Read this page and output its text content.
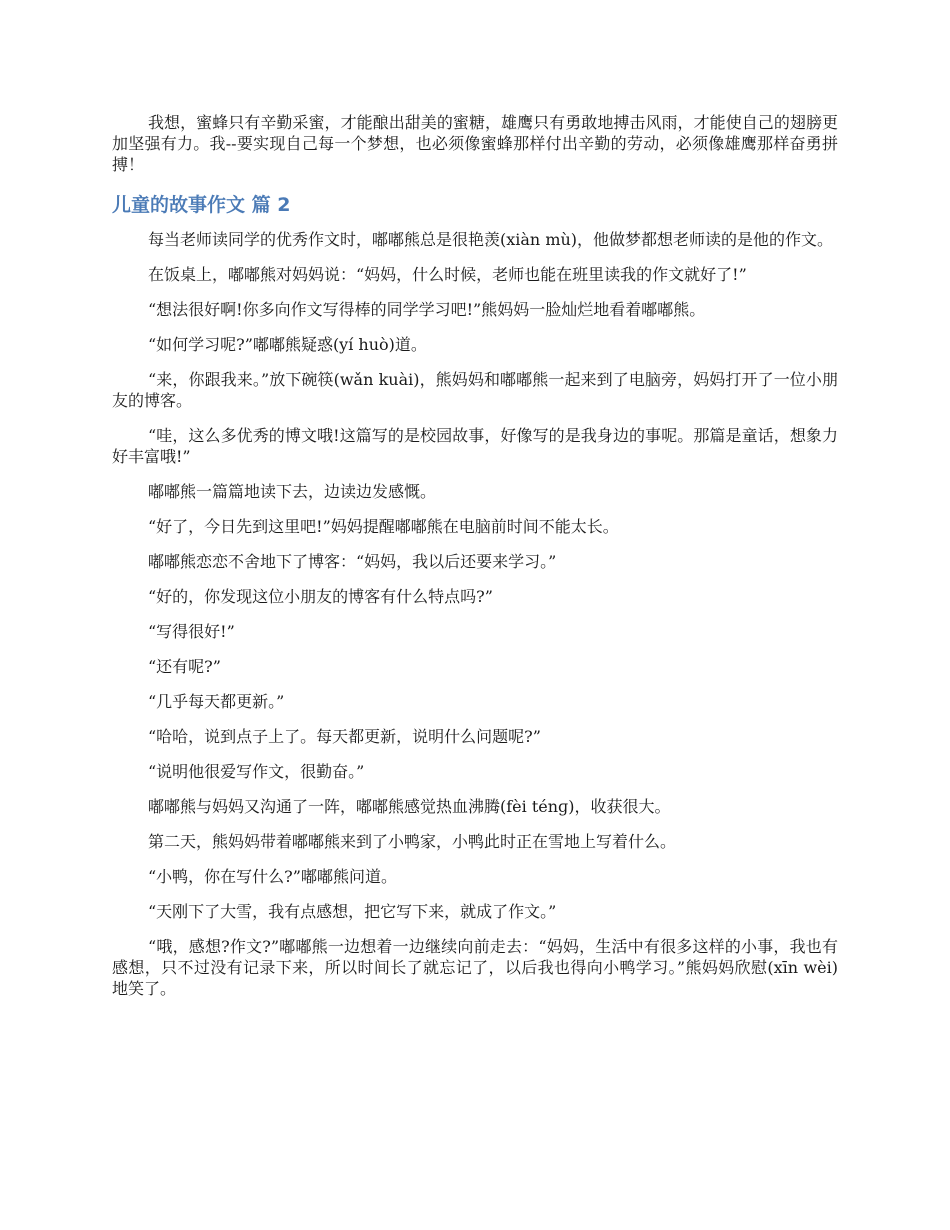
我想，蜜蜂只有辛勤采蜜，才能酿出甜美的蜜糖，雄鹰只有勇敢地搏击风雨，才能使自己的翅膀更加坚强有力。我--要实现自己每一个梦想，也必须像蜜蜂那样付出辛勤的劳动，必须像雄鹰那样奋勇拼搏！

儿童的故事作文 篇 2

每当老师读同学的优秀作文时，嘟嘟熊总是很艳羡(xiàn mù)，他做梦都想老师读的是他的作文。

在饭桌上，嘟嘟熊对妈妈说：“妈妈，什么时候，老师也能在班里读我的作文就好了!”

“想法很好啊!你多向作文写得棒的同学学习吧!”熊妈妈一脸灿烂地看着嘟嘟熊。

“如何学习呢?”嘟嘟熊疑惑(yí huò)道。

“来，你跟我来。”放下碗筷(wǎn kuài)，熊妈妈和嘟嘟熊一起来到了电脑旁，妈妈打开了一位小朋友的博客。

“哇，这么多优秀的博文哦!这篇写的是校园故事，好像写的是我身边的事呢。那篇是童话，想象力好丰富哦!”

嘟嘟熊一篇篇地读下去，边读边发感慨。

“好了，今日先到这里吧!”妈妈提醒嘟嘟熊在电脑前时间不能太长。

嘟嘟熊恋恋不舍地下了博客：“妈妈，我以后还要来学习。”

“好的，你发现这位小朋友的博客有什么特点吗?”

“写得很好!”

“还有呢?”

“几乎每天都更新。”

“哈哈，说到点子上了。每天都更新，说明什么问题呢?”

“说明他很爱写作文，很勤奋。”

嘟嘟熊与妈妈又沟通了一阵，嘟嘟熊感觉热血沸腾(fèi ténɡ)，收获很大。

第二天，熊妈妈带着嘟嘟熊来到了小鸭家，小鸭此时正在雪地上写着什么。

“小鸭，你在写什么?”嘟嘟熊问道。

“天刚下了大雪，我有点感想，把它写下来，就成了作文。”

“哦，感想?作文?”嘟嘟熊一边想着一边继续向前走去：“妈妈，生活中有很多这样的小事，我也有感想，只不过没有记录下来，所以时间长了就忘记了，以后我也得向小鸭学习。”熊妈妈欣慰(xīn wèi)地笑了。
